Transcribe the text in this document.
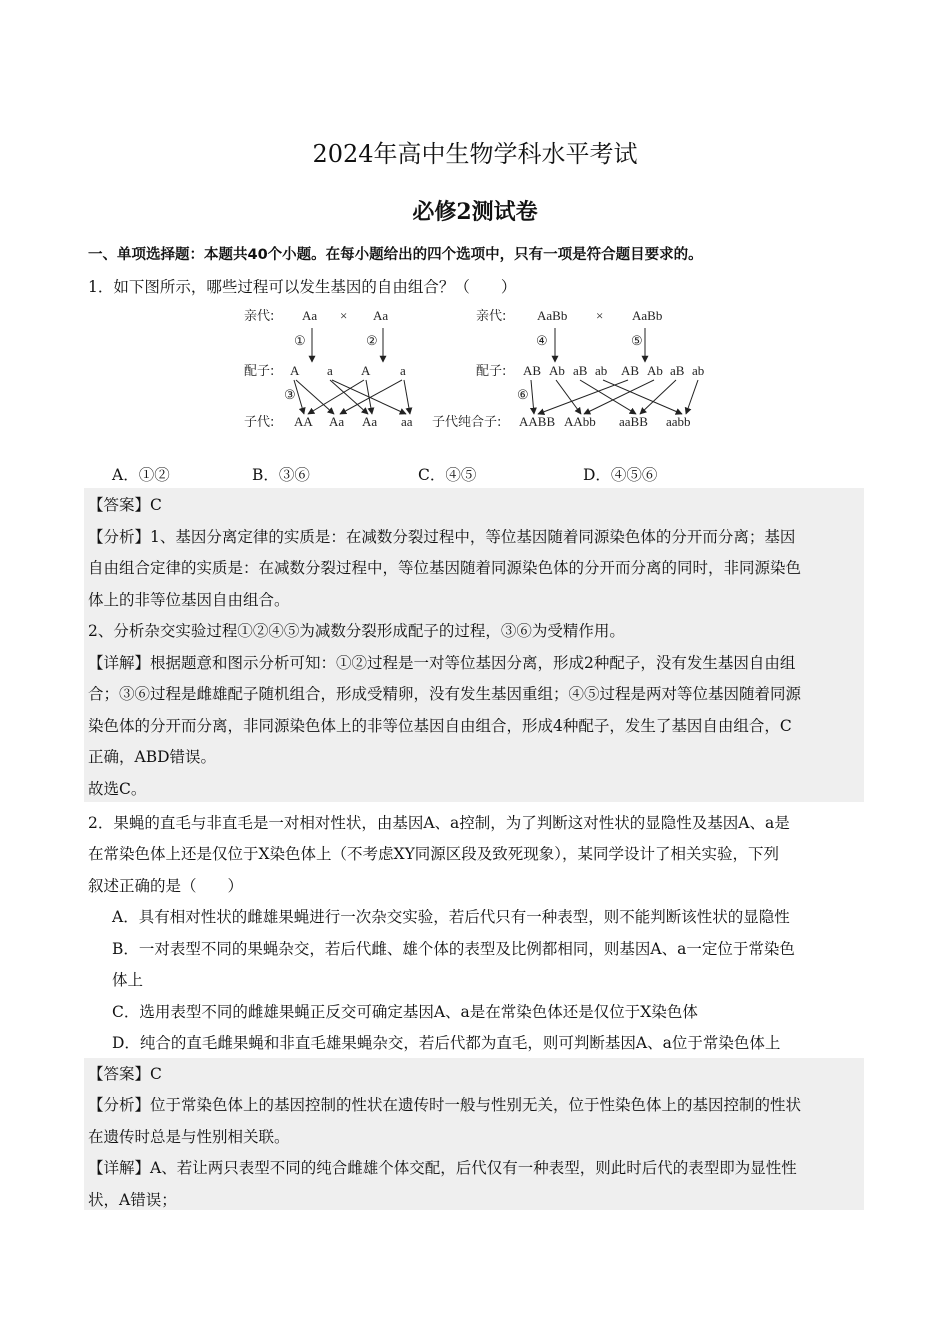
2024年高中生物学科水平考试
必修2测试卷
一、单项选择题：本题共40个小题。在每小题给出的四个选项中，只有一项是符合题目要求的。
1．如下图所示，哪些过程可以发生基因的自由组合？（　　）
亲代: Aa × Aa
①	②
配子: A a A a
③
子代: AA Aa Aa aa
亲代: AaBb × AaBb
④	⑤
配子: AB Ab aB ab AB Ab aB ab
⑥
子代纯合子: AABB AAbb aaBB aabb
A．①②	B．③⑥	C．④⑤	D．④⑤⑥
【答案】C
【分析】1、基因分离定律的实质是：在减数分裂过程中，等位基因随着同源染色体的分开而分离；基因
自由组合定律的实质是：在减数分裂过程中，等位基因随着同源染色体的分开而分离的同时，非同源染色
体上的非等位基因自由组合。
2、分析杂交实验过程①②④⑤为减数分裂形成配子的过程，③⑥为受精作用。
【详解】根据题意和图示分析可知：①②过程是一对等位基因分离，形成2种配子，没有发生基因自由组
合；③⑥过程是雌雄配子随机组合，形成受精卵，没有发生基因重组；④⑤过程是两对等位基因随着同源
染色体的分开而分离，非同源染色体上的非等位基因自由组合，形成4种配子，发生了基因自由组合，C
正确，ABD错误。
故选C。
2．果蝇的直毛与非直毛是一对相对性状，由基因A、a控制，为了判断这对性状的显隐性及基因A、a是
在常染色体上还是仅位于X染色体上（不考虑XY同源区段及致死现象），某同学设计了相关实验，下列
叙述正确的是（　　）
A．具有相对性状的雌雄果蝇进行一次杂交实验，若后代只有一种表型，则不能判断该性状的显隐性
B．一对表型不同的果蝇杂交，若后代雌、雄个体的表型及比例都相同，则基因A、a一定位于常染色
体上
C．选用表型不同的雌雄果蝇正反交可确定基因A、a是在常染色体还是仅位于X染色体
D．纯合的直毛雌果蝇和非直毛雄果蝇杂交，若后代都为直毛，则可判断基因A、a位于常染色体上
【答案】C
【分析】位于常染色体上的基因控制的性状在遗传时一般与性别无关，位于性染色体上的基因控制的性状
在遗传时总是与性别相关联。
【详解】A、若让两只表型不同的纯合雌雄个体交配，后代仅有一种表型，则此时后代的表型即为显性性
状，A错误；
